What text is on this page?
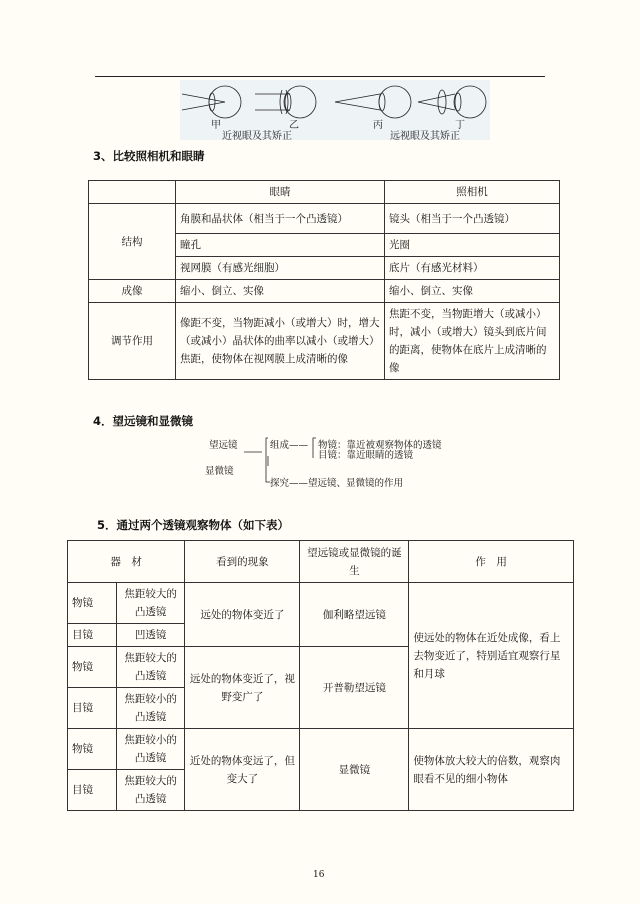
甲	乙	丙	丁
近视眼及其矫正	远视眼及其矫正
3、比较照相机和眼睛
	眼睛	照相机
结构	角膜和晶状体（相当于一个凸透镜）	镜头（相当于一个凸透镜）
	瞳孔	光圈
	视网膜（有感光细胞）	底片（有感光材料）
成像	缩小、倒立、实像	缩小、倒立、实像
调节作用	像距不变，当物距减小（或增大）时，增大（或减小）晶状体的曲率以减小（或增大）焦距，使物体在视网膜上成清晰的像	焦距不变，当物距增大（或减小）时，减小（或增大）镜头到底片间的距离，使物体在底片上成清晰的像
4．望远镜和显微镜
望远镜
显微镜
组成—— 物镜：靠近被观察物体的透镜
目镜：靠近眼睛的透镜
探究——望远镜、显微镜的作用
5．通过两个透镜观察物体（如下表）
器　材		看到的现象	望远镜或显微镜的诞生	作　用
物镜	焦距较大的凸透镜	远处的物体变近了	伽利略望远镜	使远处的物体在近处成像，看上去物变近了，特别适宜观察行星和月球
目镜	凹透镜			
物镜	焦距较大的凸透镜	远处的物体变近了，视野变广了	开普勒望远镜	
目镜	焦距较小的凸透镜			
物镜	焦距较小的凸透镜	近处的物体变远了，但变大了	显微镜	使物体放大较大的倍数，观察肉眼看不见的细小物体
目镜	焦距较大的凸透镜			
16
